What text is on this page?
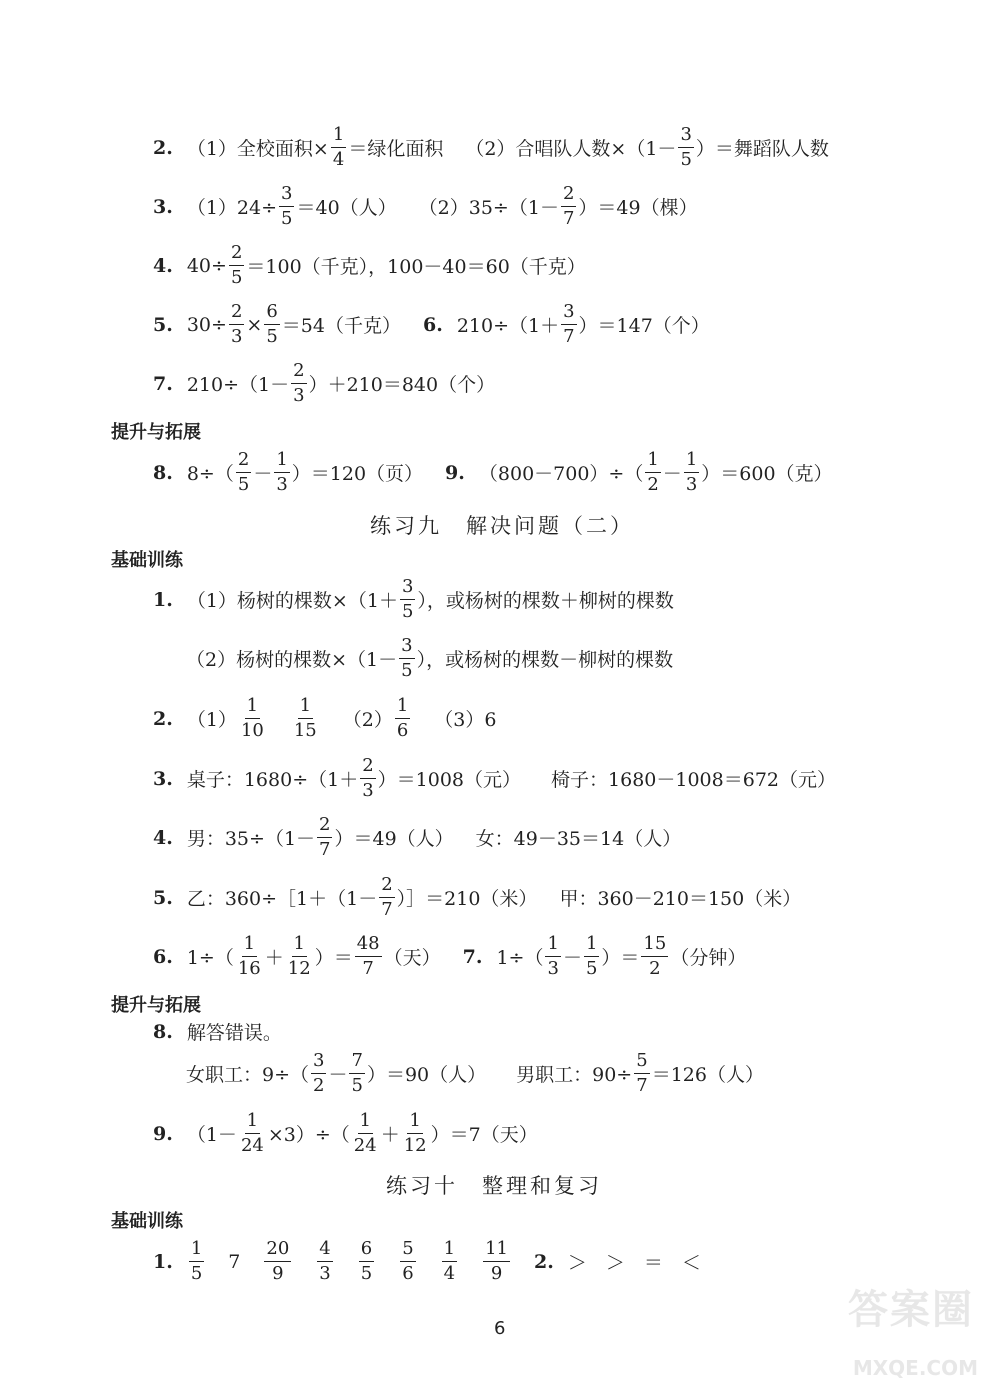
2. （1）全校面积× $\frac{1}{4}$ ＝绿化面积 （2）合唱队人数$\times(1- \frac{3}{5}$ ）＝舞蹈队人数
3. $(1)24\div \frac{3}{5} =40$（人） $(2)35\div(1- \frac{2}{7} )=49$（棵）
4. $40\div \frac{2}{5} =100$（千克），100－40＝60（千克）
5. $30\div \frac{2}{3} \times \frac{6}{5} =54$（千克） 6. $210\div(1+ \frac{3}{7} )=147$（个）
7. $210\div(1- \frac{2}{3} )+210=840$（个）
提升与拓展
8. $8\div( \frac{2}{5} - \frac{1}{3} )=120$（页） 9. $(800-700)\div( \frac{1}{2} - \frac{1}{3} )=600$（克）
练习九　解决问题（二）
基础训练
1. （1）杨树的棵数$\times(1+ \frac{3}{5}$ ），或杨树的棵数＋柳树的棵数
（2）杨树的棵数$\times(1- \frac{3}{5}$ ），或杨树的棵数－柳树的棵数
2. $(1) \frac{1}{10} \frac{1}{15} (2) \frac{1}{6} (3)6$
3. 桌子：$1680\div(1+ \frac{2}{3} )=1008$（元） 椅子：1680－1008＝672（元）
4. 男：$35\div(1- \frac{2}{7} )=49$（人） 女：49－35＝14（人）
5. 乙：360÷［1＋（1－ $\frac{2}{7}$ ）］＝210（米） 甲：360－210＝150（米）
6. $1\div( \frac{1}{16} + \frac{1}{12}$ ）＝ $\frac{48}{7}$ （天） 7. $1\div( \frac{1}{3} - \frac{1}{5}$ ）＝ $\frac{15}{2}$ （分钟）
提升与拓展
8. 解答错误。
女职工：$9\div( \frac{3}{2} - \frac{7}{5} )=90$（人） 男职工：$90\div \frac{5}{7} =126$（人）
9. $(1- \frac{1}{24} \times 3)\div( \frac{1}{24} + \frac{1}{12} )=7$（天）
练习十　整理和复习
基础训练
1. $\frac{1}{5} 7 \frac{20}{9} \frac{4}{3} \frac{6}{5} \frac{5}{6} \frac{1}{4} \frac{11}{9} 2$. ＞　＞　＝　＜
6	答案圈
MXQE.COM
